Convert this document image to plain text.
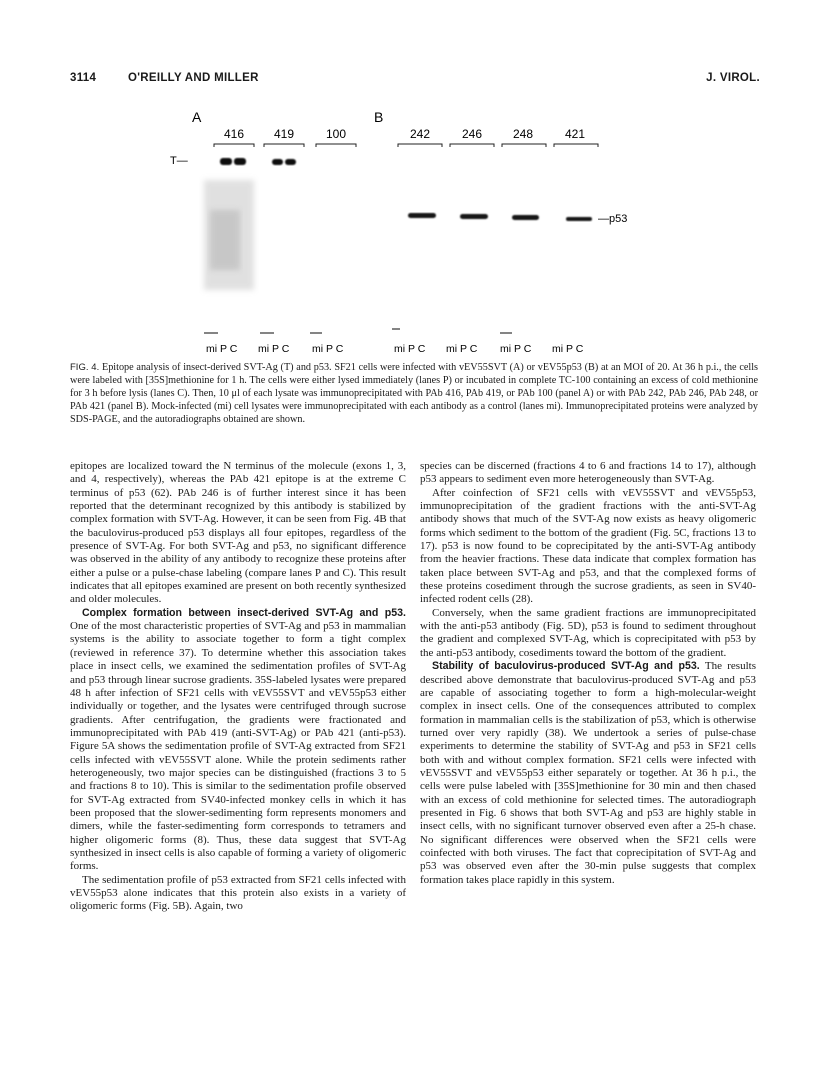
3114	O'REILLY AND MILLER	J. VIROL.
A	B
416 419	100	242	246	248	421
T—
—p53
mi P C mi P C mi P C	mi P C mi P C mi P C mi P C
FIG. 4. Epitope analysis of insect-derived SVT-Ag (T) and p53. SF21 cells were infected with vEV55SVT (A) or vEV55p53 (B) at an MOI of 20. At 36 h p.i., the cells were labeled with [35S]methionine for 1 h. The cells were either lysed immediately (lanes P) or incubated in complete TC-100 containing an excess of cold methionine for 3 h before lysis (lanes C). Then, 10 μl of each lysate was immunoprecipitated with PAb 416, PAb 419, or PAb 100 (panel A) or with PAb 242, PAb 246, PAb 248, or PAb 421 (panel B). Mock-infected (mi) cell lysates were immunoprecipitated with each antibody as a control (lanes mi). Immunoprecipitated proteins were analyzed by SDS-PAGE, and the autoradiographs obtained are shown.

epitopes are localized toward the N terminus of the molecule (exons 1, 3, and 4, respectively), whereas the PAb 421 epitope is at the extreme C terminus of p53 (62). PAb 246 is of further interest since it has been reported that the determinant recognized by this antibody is stabilized by complex formation with SVT-Ag. However, it can be seen from Fig. 4B that the baculovirus-produced p53 displays all four epitopes, regardless of the presence of SVT-Ag. For both SVT-Ag and p53, no significant difference was observed in the ability of any antibody to recognize these proteins after either a pulse or a pulse-chase labeling (compare lanes P and C). This result indicates that all epitopes examined are present on both recently synthesized and older molecules.

Complex formation between insect-derived SVT-Ag and p53. One of the most characteristic properties of SVT-Ag and p53 in mammalian systems is the ability to associate together to form a tight complex (reviewed in reference 37). To determine whether this association takes place in insect cells, we examined the sedimentation profiles of SVT-Ag and p53 through linear sucrose gradients. 35S-labeled lysates were prepared 48 h after infection of SF21 cells with vEV55SVT and vEV55p53 either individually or together, and the lysates were centrifuged through sucrose gradients. After centrifugation, the gradients were fractionated and immunoprecipitated with PAb 419 (anti-SVT-Ag) or PAb 421 (anti-p53). Figure 5A shows the sedimentation profile of SVT-Ag extracted from SF21 cells infected with vEV55SVT alone. While the protein sediments rather heterogeneously, two major species can be distinguished (fractions 3 to 5 and fractions 8 to 10). This is similar to the sedimentation profile observed for SVT-Ag extracted from SV40-infected monkey cells in which it has been proposed that the slower-sedimenting form represents monomers and dimers, while the faster-sedimenting form corresponds to tetramers and higher oligomeric forms (8). Thus, these data suggest that SVT-Ag synthesized in insect cells is also capable of forming a variety of oligomeric forms.

The sedimentation profile of p53 extracted from SF21 cells infected with vEV55p53 alone indicates that this protein also exists in a variety of oligomeric forms (Fig. 5B). Again, two

species can be discerned (fractions 4 to 6 and fractions 14 to 17), although p53 appears to sediment even more heterogeneously than SVT-Ag.

After coinfection of SF21 cells with vEV55SVT and vEV55p53, immunoprecipitation of the gradient fractions with the anti-SVT-Ag antibody shows that much of the SVT-Ag now exists as heavy oligomeric forms which sediment to the bottom of the gradient (Fig. 5C, fractions 13 to 17). p53 is now found to be coprecipitated by the anti-SVT-Ag antibody from the heavier fractions. These data indicate that complex formation has taken place between SVT-Ag and p53, and that the complexed forms of these proteins cosediment through the sucrose gradients, as seen in SV40-infected rodent cells (28).

Conversely, when the same gradient fractions are immunoprecipitated with the anti-p53 antibody (Fig. 5D), p53 is found to sediment throughout the gradient and complexed SVT-Ag, which is coprecipitated with p53 by the anti-p53 antibody, cosediments toward the bottom of the gradient.

Stability of baculovirus-produced SVT-Ag and p53. The results described above demonstrate that baculovirus-produced SVT-Ag and p53 are capable of associating together to form a high-molecular-weight complex in insect cells. One of the consequences attributed to complex formation in mammalian cells is the stabilization of p53, which is otherwise turned over very rapidly (38). We undertook a series of pulse-chase experiments to determine the stability of SVT-Ag and p53 in SF21 cells both with and without complex formation. SF21 cells were infected with vEV55SVT and vEV55p53 either separately or together. At 36 h p.i., the cells were pulse labeled with [35S]methionine for 30 min and then chased with an excess of cold methionine for selected times. The autoradiograph presented in Fig. 6 shows that both SVT-Ag and p53 are highly stable in insect cells, with no significant turnover observed even after a 25-h chase. No significant differences were observed when the SF21 cells were coinfected with both viruses. The fact that coprecipitation of SVT-Ag and p53 was observed even after the 30-min pulse suggests that complex formation takes place rapidly in this system.
